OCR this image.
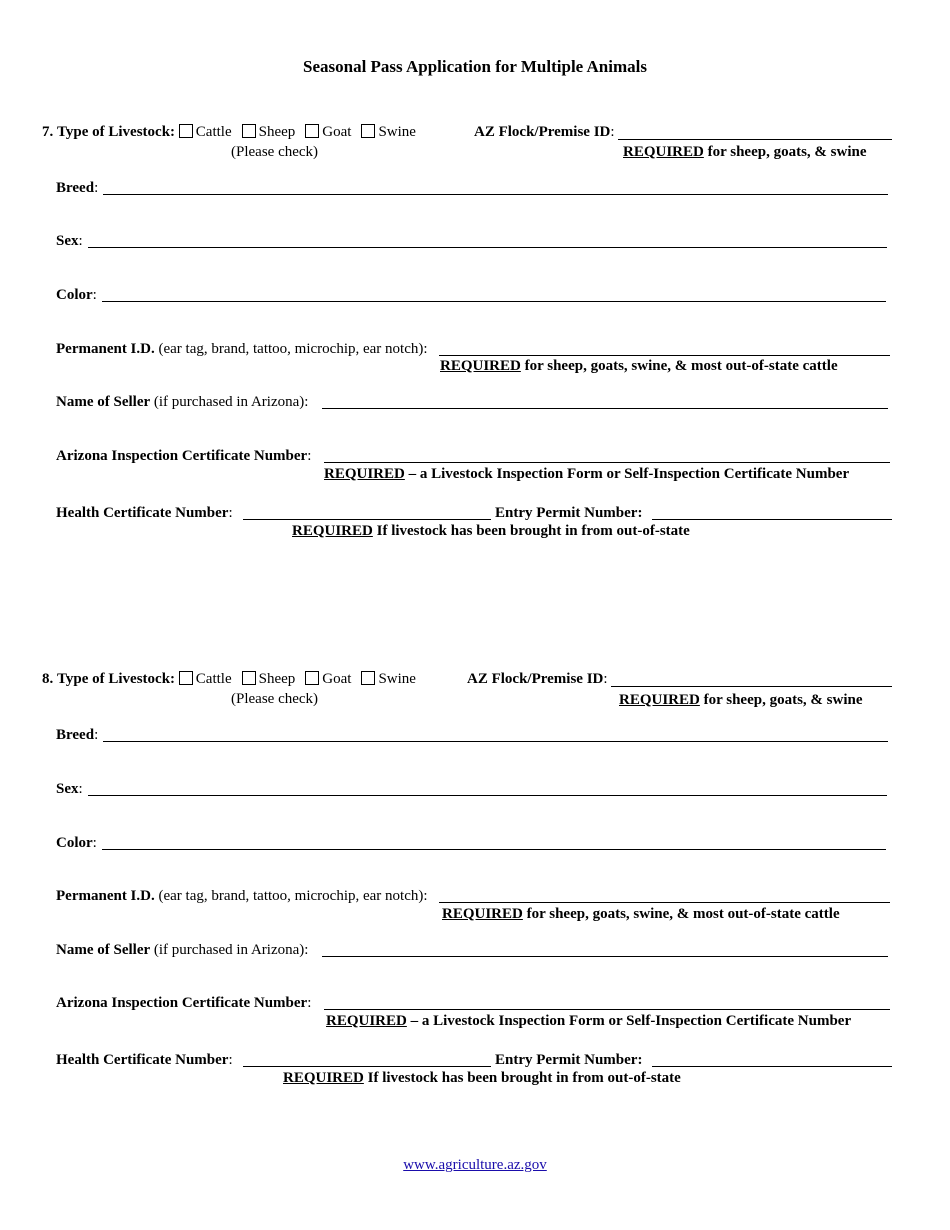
Seasonal Pass Application for Multiple Animals
7. Type of Livestock: Cattle Sheep Goat Swine
(Please check)
AZ Flock/Premise ID:
REQUIRED for sheep, goats, & swine
Breed:
Sex:
Color:
Permanent I.D. (ear tag, brand, tattoo, microchip, ear notch):
REQUIRED for sheep, goats, swine, & most out-of-state cattle
Name of Seller (if purchased in Arizona):
Arizona Inspection Certificate Number:
REQUIRED – a Livestock Inspection Form or Self-Inspection Certificate Number
Health Certificate Number:	Entry Permit Number:
REQUIRED If livestock has been brought in from out-of-state
8. Type of Livestock: Cattle Sheep Goat Swine
(Please check)
AZ Flock/Premise ID:
REQUIRED for sheep, goats, & swine
Breed:
Sex:
Color:
Permanent I.D. (ear tag, brand, tattoo, microchip, ear notch):
REQUIRED for sheep, goats, swine, & most out-of-state cattle
Name of Seller (if purchased in Arizona):
Arizona Inspection Certificate Number:
REQUIRED – a Livestock Inspection Form or Self-Inspection Certificate Number
Health Certificate Number:	Entry Permit Number:
REQUIRED If livestock has been brought in from out-of-state
www.agriculture.az.gov
